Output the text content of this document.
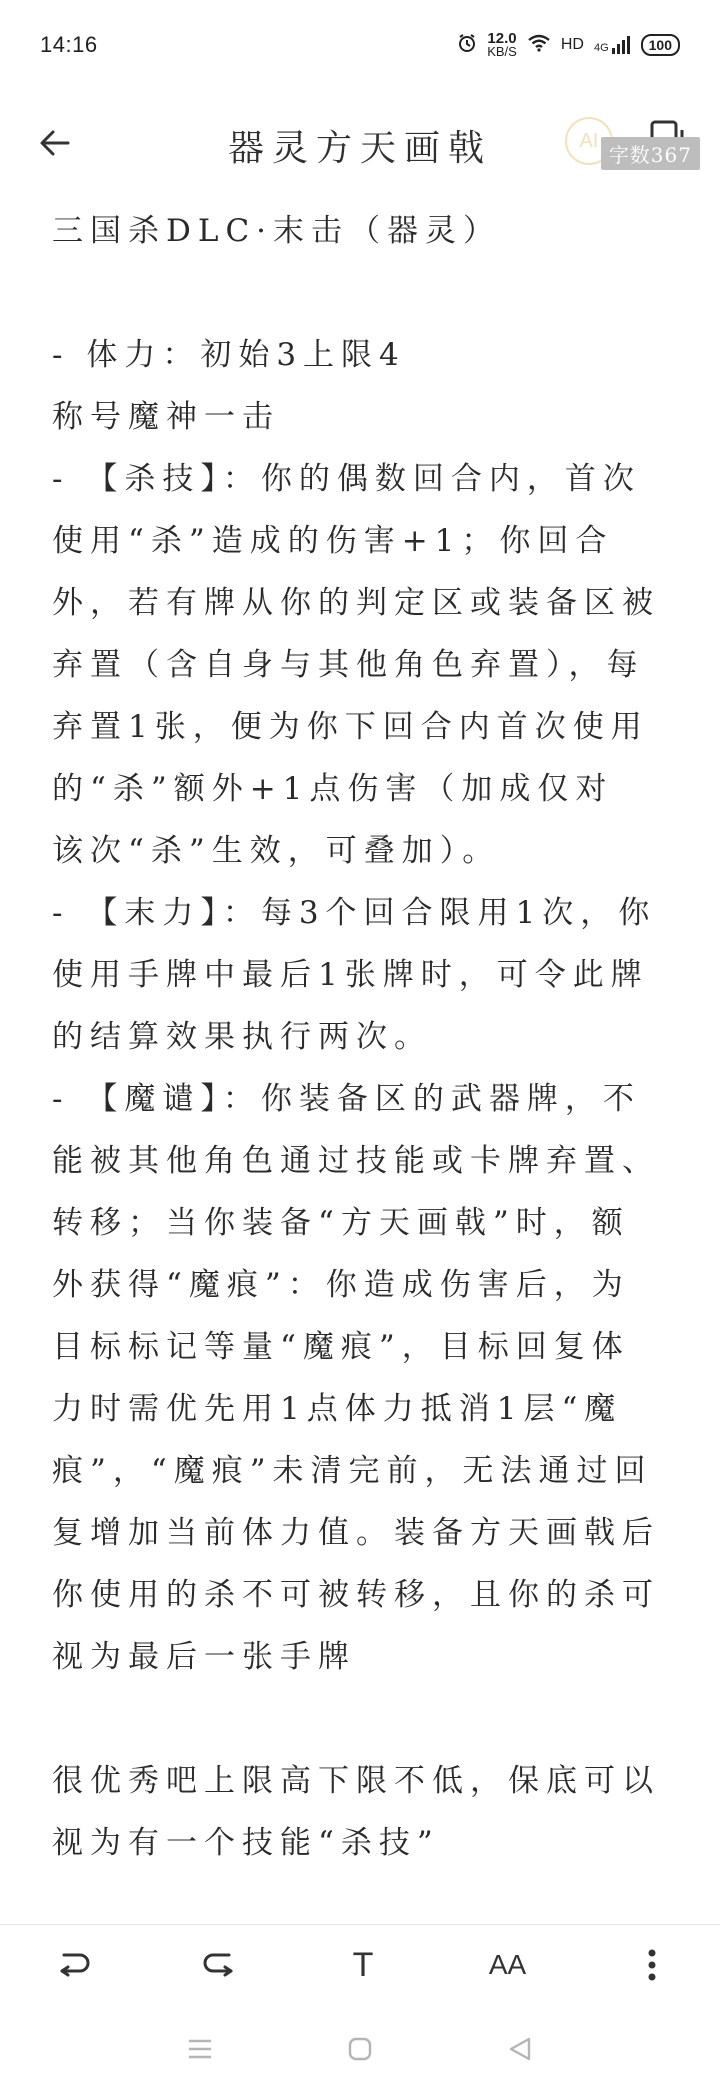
14:16	12.0
KB/S	HD 4G	100
器灵方天画戟	AI
字数367
三国杀DLC·末击（器灵）
- 体力：初始3上限4
称号魔神一击
- 【杀技】：你的偶数回合内，首次
使用“杀”造成的伤害+1；你回合
外，若有牌从你的判定区或装备区被
弃置（含自身与其他角色弃置），每
弃置1张，便为你下回合内首次使用
的“杀”额外+1点伤害（加成仅对
该次“杀”生效，可叠加）。
- 【末力】：每3个回合限用1次，你
使用手牌中最后1张牌时，可令此牌
的结算效果执行两次。
- 【魔谴】：你装备区的武器牌，不
能被其他角色通过技能或卡牌弃置、
转移；当你装备“方天画戟”时，额
外获得“魔痕”：你造成伤害后，为
目标标记等量“魔痕”，目标回复体
力时需优先用1点体力抵消1层“魔
痕”，“魔痕”未清完前，无法通过回
复增加当前体力值。装备方天画戟后
你使用的杀不可被转移，且你的杀可
视为最后一张手牌
很优秀吧上限高下限不低，保底可以
视为有一个技能“杀技”
T	AA
